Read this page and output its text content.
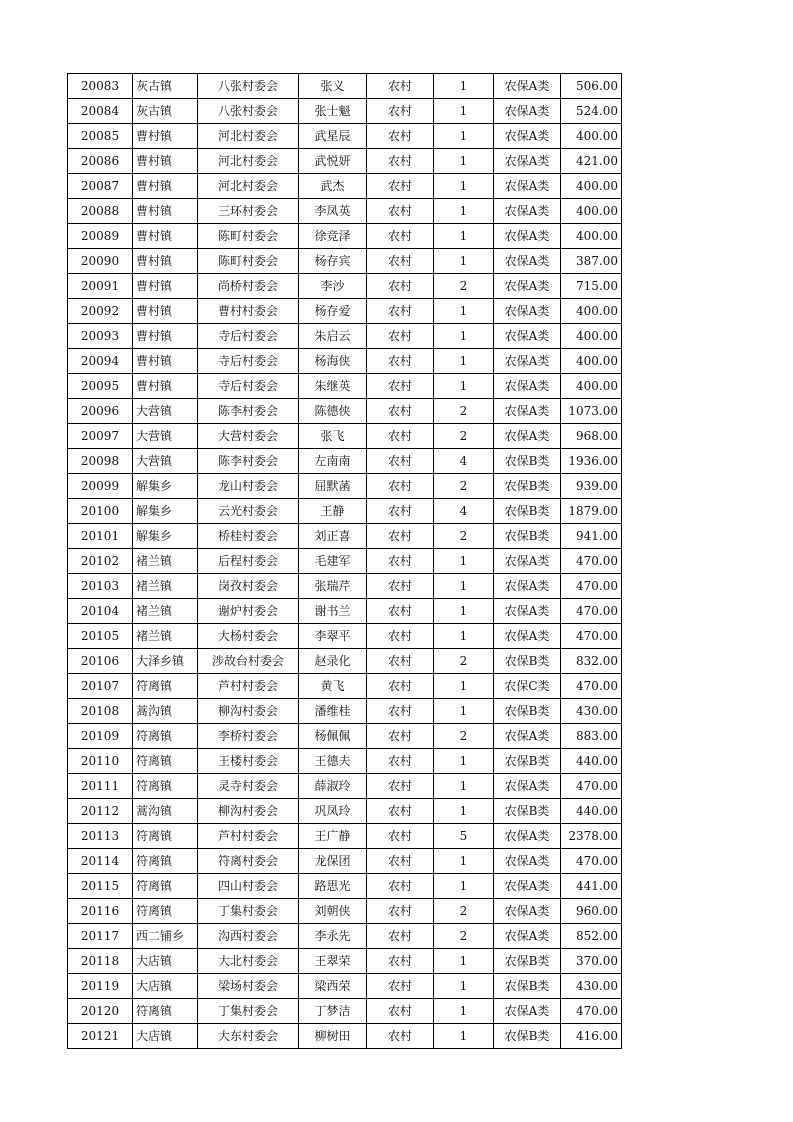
20083	灰古镇	八张村委会	张义	农村	1	农保A类	506.00
20084	灰古镇	八张村委会	张士魁	农村	1	农保A类	524.00
20085	曹村镇	河北村委会	武星辰	农村	1	农保A类	400.00
20086	曹村镇	河北村委会	武悦妍	农村	1	农保A类	421.00
20087	曹村镇	河北村委会	武杰	农村	1	农保A类	400.00
20088	曹村镇	三环村委会	李凤英	农村	1	农保A类	400.00
20089	曹村镇	陈町村委会	徐竞泽	农村	1	农保A类	400.00
20090	曹村镇	陈町村委会	杨存宾	农村	1	农保A类	387.00
20091	曹村镇	尚桥村委会	李沙	农村	2	农保A类	715.00
20092	曹村镇	曹村村委会	杨存爱	农村	1	农保A类	400.00
20093	曹村镇	寺后村委会	朱启云	农村	1	农保A类	400.00
20094	曹村镇	寺后村委会	杨海侠	农村	1	农保A类	400.00
20095	曹村镇	寺后村委会	朱继英	农村	1	农保A类	400.00
20096	大营镇	陈李村委会	陈德侠	农村	2	农保A类	1073.00
20097	大营镇	大营村委会	张飞	农村	2	农保A类	968.00
20098	大营镇	陈李村委会	左南南	农村	4	农保B类	1936.00
20099	解集乡	龙山村委会	屈默菡	农村	2	农保B类	939.00
20100	解集乡	云光村委会	王静	农村	4	农保B类	1879.00
20101	解集乡	桥桂村委会	刘正喜	农村	2	农保B类	941.00
20102	褚兰镇	后程村委会	毛建军	农村	1	农保A类	470.00
20103	褚兰镇	岗孜村委会	张瑞芹	农村	1	农保A类	470.00
20104	褚兰镇	谢炉村委会	谢书兰	农村	1	农保A类	470.00
20105	褚兰镇	大杨村委会	李翠平	农村	1	农保A类	470.00
20106	大泽乡镇	涉故台村委会	赵录化	农村	2	农保B类	832.00
20107	符离镇	芦村村委会	黄飞	农村	1	农保C类	470.00
20108	蒿沟镇	柳沟村委会	潘维桂	农村	1	农保B类	430.00
20109	符离镇	李桥村委会	杨佩佩	农村	2	农保A类	883.00
20110	符离镇	王楼村委会	王德夫	农村	1	农保B类	440.00
20111	符离镇	灵寺村委会	薛淑玲	农村	1	农保A类	470.00
20112	蒿沟镇	柳沟村委会	巩凤玲	农村	1	农保B类	440.00
20113	符离镇	芦村村委会	王广静	农村	5	农保A类	2378.00
20114	符离镇	符离村委会	龙保团	农村	1	农保A类	470.00
20115	符离镇	四山村委会	路思光	农村	1	农保A类	441.00
20116	符离镇	丁集村委会	刘朝侠	农村	2	农保A类	960.00
20117	西二铺乡	沟西村委会	李永先	农村	2	农保A类	852.00
20118	大店镇	大北村委会	王翠荣	农村	1	农保B类	370.00
20119	大店镇	梁场村委会	梁西荣	农村	1	农保B类	430.00
20120	符离镇	丁集村委会	丁梦洁	农村	1	农保A类	470.00
20121	大店镇	大东村委会	柳树田	农村	1	农保B类	416.00
